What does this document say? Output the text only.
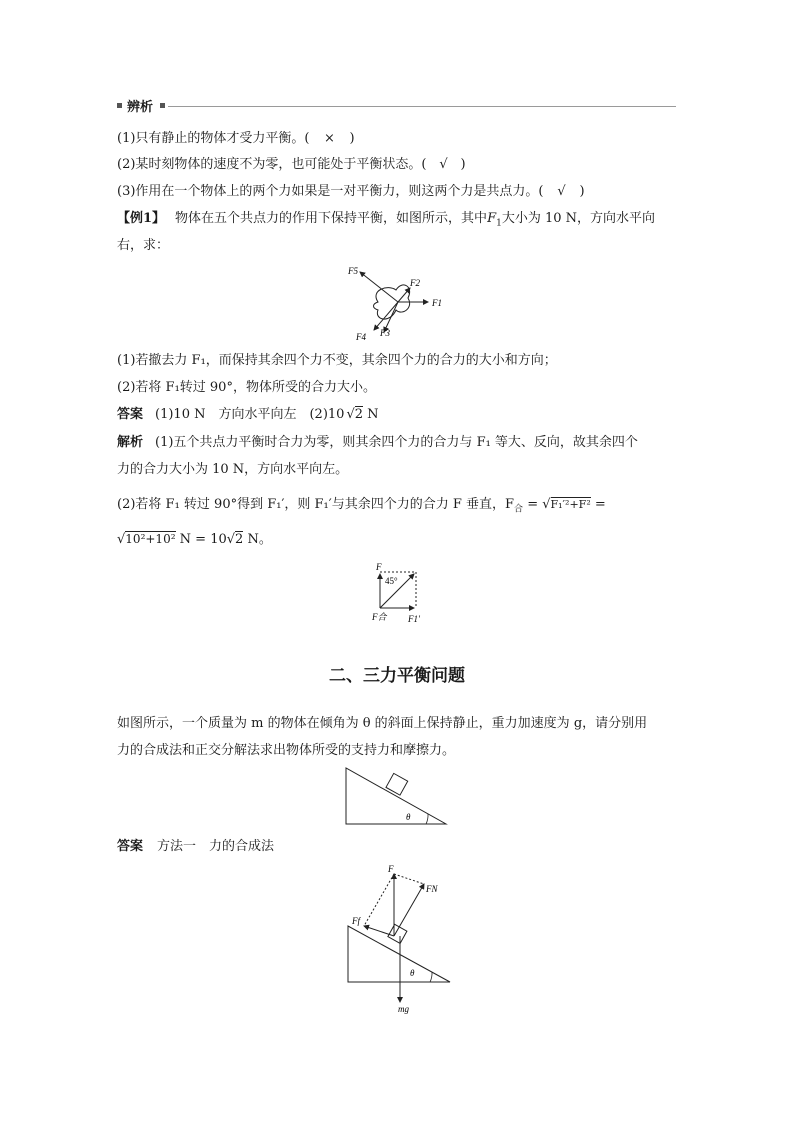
辨析
(1)只有静止的物体才受力平衡。( × )
(2)某时刻物体的速度不为零，也可能处于平衡状态。( √ )
(3)作用在一个物体上的两个力如果是一对平衡力，则这两个力是共点力。( √ )
【例1】 物体在五个共点力的作用下保持平衡，如图所示，其中$F_1$大小为 10 N，方向水平向
右，求：
F1
F2
F3
F4
F5
(1)若撤去力 F₁，而保持其余四个力不变，其余四个力的合力的大小和方向；
(2)若将 F₁转过 90°，物体所受的合力大小。
答案 (1)10 N　方向水平向左　(2)10 √2 N
解析 (1)五个共点力平衡时合力为零，则其余四个力的合力与 F₁ 等大、反向，故其余四个
力的合力大小为 10 N，方向水平向左。
(2)若将 F₁ 转过 90°得到 F₁′，则 F₁′与其余四个力的合力 F 垂直，$F_合 = √F_1'^2+F^2$ =
√10²+10² N = 10√2 N。
F
45°
F合 F1′
二、三力平衡问题
如图所示，一个质量为 m 的物体在倾角为 θ 的斜面上保持静止，重力加速度为 g，请分别用
力的合成法和正交分解法求出物体所受的支持力和摩擦力。
θ
答案 方法一　力的合成法
F
FN
Ff
θ
mg
